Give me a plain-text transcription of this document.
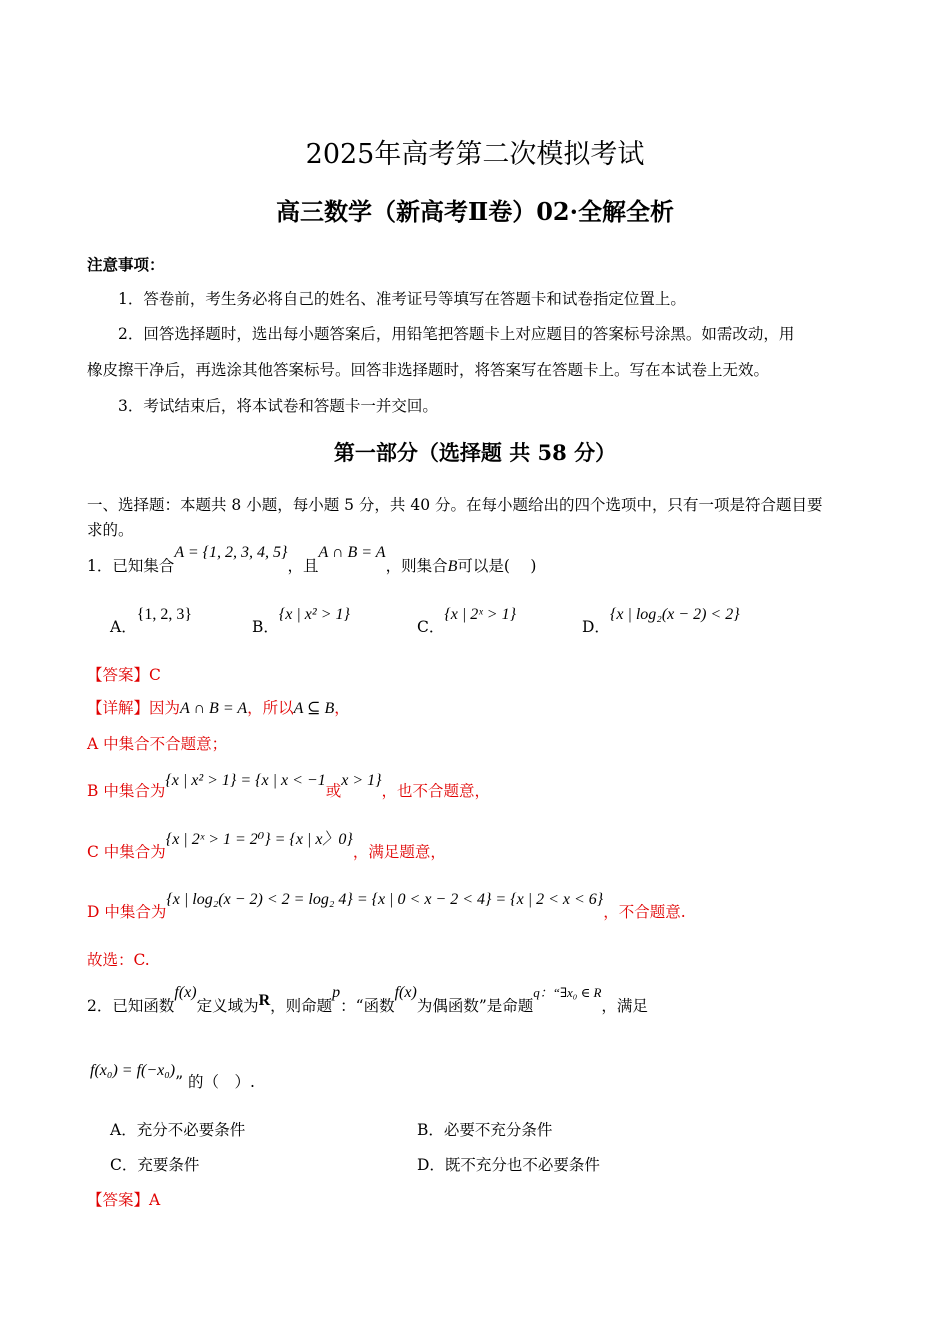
2025年高考第二次模拟考试
高三数学（新高考Ⅱ卷）02·全解全析
注意事项：
1．答卷前，考生务必将自己的姓名、准考证号等填写在答题卡和试卷指定位置上。
2．回答选择题时，选出每小题答案后，用铅笔把答题卡上对应题目的答案标号涂黑。如需改动，用
橡皮擦干净后，再选涂其他答案标号。回答非选择题时，将答案写在答题卡上。写在本试卷上无效。
3．考试结束后，将本试卷和答题卡一并交回。
第一部分（选择题 共 58 分）
一、选择题：本题共 8 小题，每小题 5 分，共 40 分。在每小题给出的四个选项中，只有一项是符合题目要
求的。
1．已知集合A = {1, 2, 3, 4, 5}，且A ∩ B = A，则集合B可以是(　 )
A．{1, 2, 3}
B．{x | x² > 1}
C．{x | 2ˣ > 1}
D．{x | log₂(x − 2) < 2}
【答案】C
【详解】因为A ∩ B = A，所以A ⊆ B，
A 中集合不合题意；
B 中集合为{x | x² > 1} = {x | x < −1或x > 1}，也不合题意，
C 中集合为{x | 2ˣ > 1 = 2⁰} = {x | x〉0}，满足题意，
D 中集合为{x | log₂(x − 2) < 2 = log₂ 4} = {x | 0 < x − 2 < 4} = {x | 2 < x < 6}，不合题意.
故选：C.
2．已知函数f(x)定义域为R，则命题p：“函数f(x)为偶函数”是命题q：“∃x₀ ∈ R，满足
f(x₀) = f(−x₀)” 的（　）.
A．充分不必要条件	B．必要不充分条件
C．充要条件	D．既不充分也不必要条件
【答案】A
